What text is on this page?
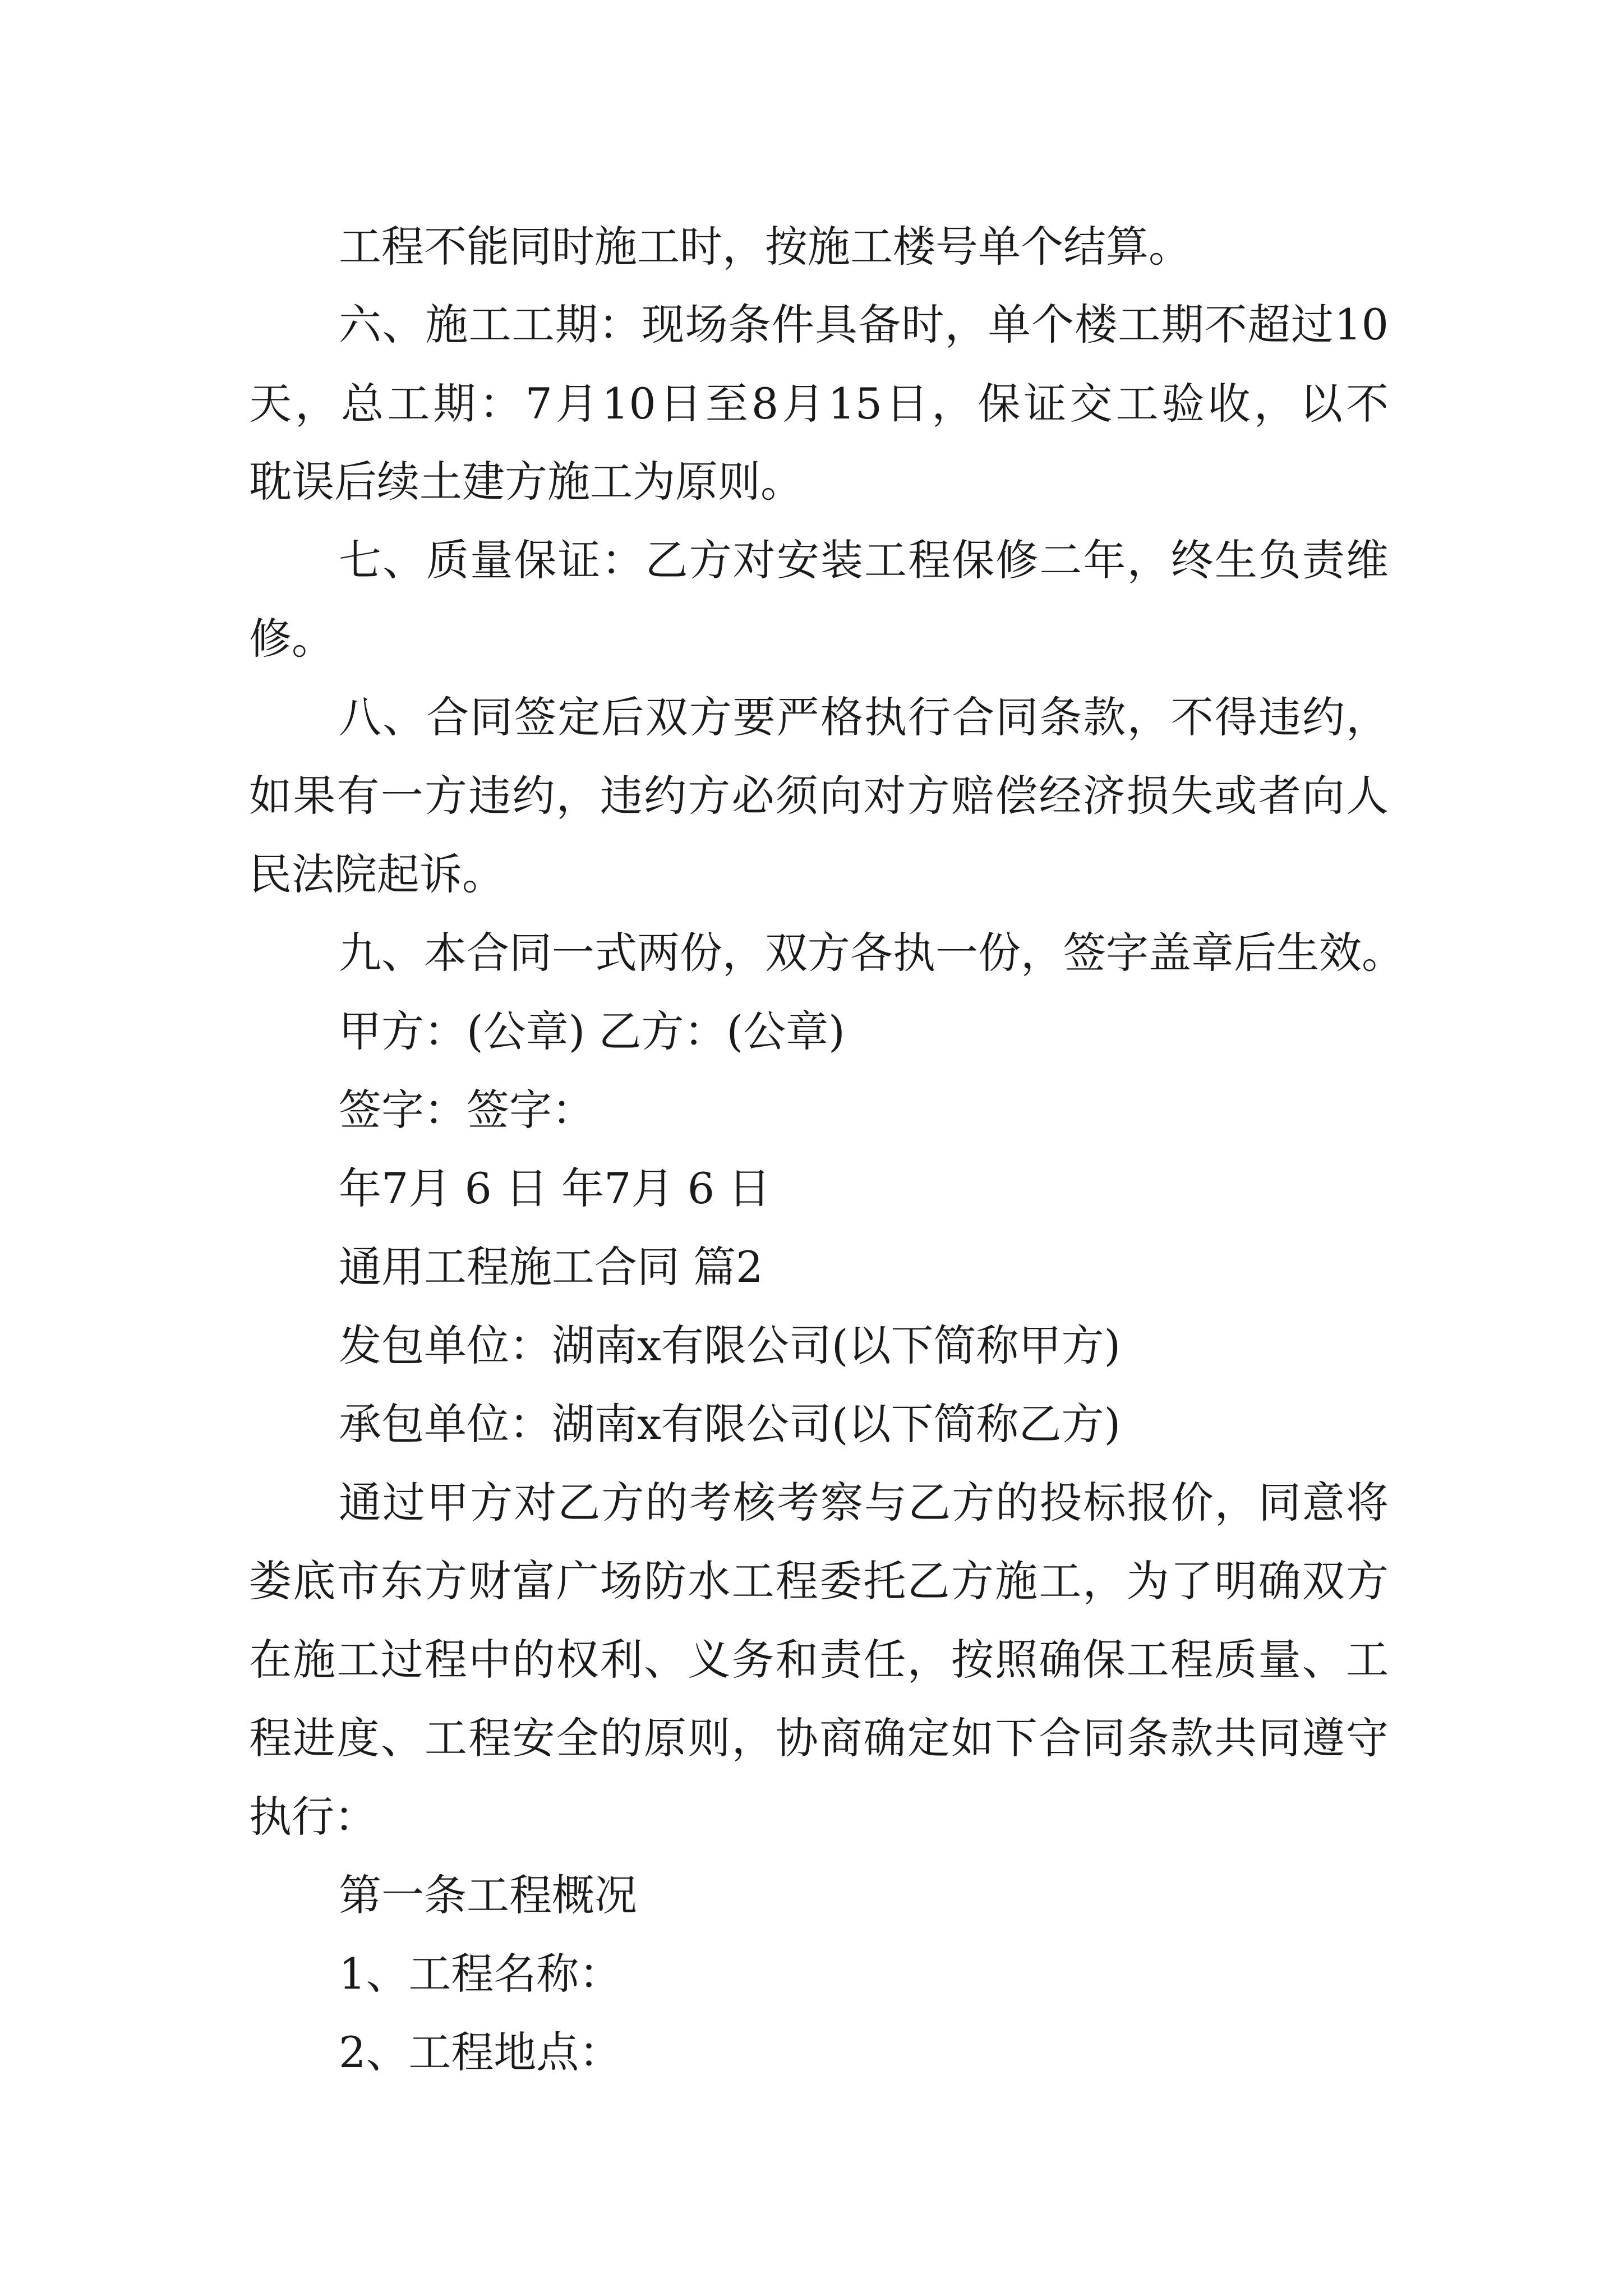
工程不能同时施工时，按施工楼号单个结算。

六、施工工期：现场条件具备时，单个楼工期不超过10

天，总工期：7月10日至8月15日，保证交工验收，以不

耽误后续土建方施工为原则。

七、质量保证：乙方对安装工程保修二年，终生负责维

修。

八、合同签定后双方要严格执行合同条款，不得违约，

如果有一方违约，违约方必须向对方赔偿经济损失或者向人

民法院起诉。

九、本合同一式两份，双方各执一份，签字盖章后生效。

甲方：(公章) 乙方：(公章)

签字：签字：

年7月 6 日 年7月 6 日

通用工程施工合同 篇2

发包单位：湖南x有限公司(以下简称甲方)

承包单位：湖南x有限公司(以下简称乙方)

通过甲方对乙方的考核考察与乙方的投标报价，同意将

娄底市东方财富广场防水工程委托乙方施工，为了明确双方

在施工过程中的权利、义务和责任，按照确保工程质量、工

程进度、工程安全的原则，协商确定如下合同条款共同遵守

执行：

第一条工程概况

1、工程名称：

2、工程地点：
